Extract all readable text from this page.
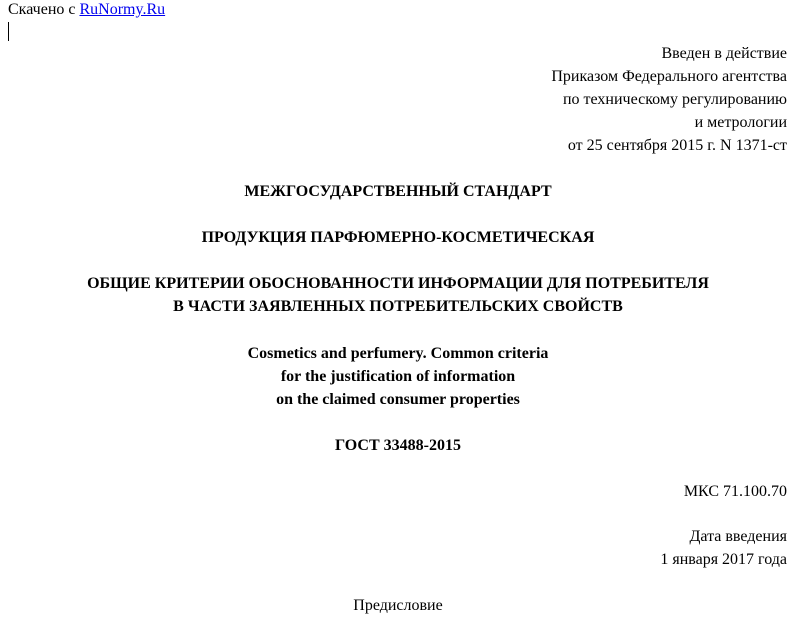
Скачено с RuNormy.Ru
Введен в действие
Приказом Федерального агентства
по техническому регулированию
и метрологии
от 25 сентября 2015 г. N 1371-ст
МЕЖГОСУДАРСТВЕННЫЙ СТАНДАРТ
ПРОДУКЦИЯ ПАРФЮМЕРНО-КОСМЕТИЧЕСКАЯ
ОБЩИЕ КРИТЕРИИ ОБОСНОВАННОСТИ ИНФОРМАЦИИ ДЛЯ ПОТРЕБИТЕЛЯ
В ЧАСТИ ЗАЯВЛЕННЫХ ПОТРЕБИТЕЛЬСКИХ СВОЙСТВ
Cosmetics and perfumery. Common criteria
for the justification of information
on the claimed consumer properties
ГОСТ 33488-2015
МКС 71.100.70
Дата введения
1 января 2017 года
Предисловие
